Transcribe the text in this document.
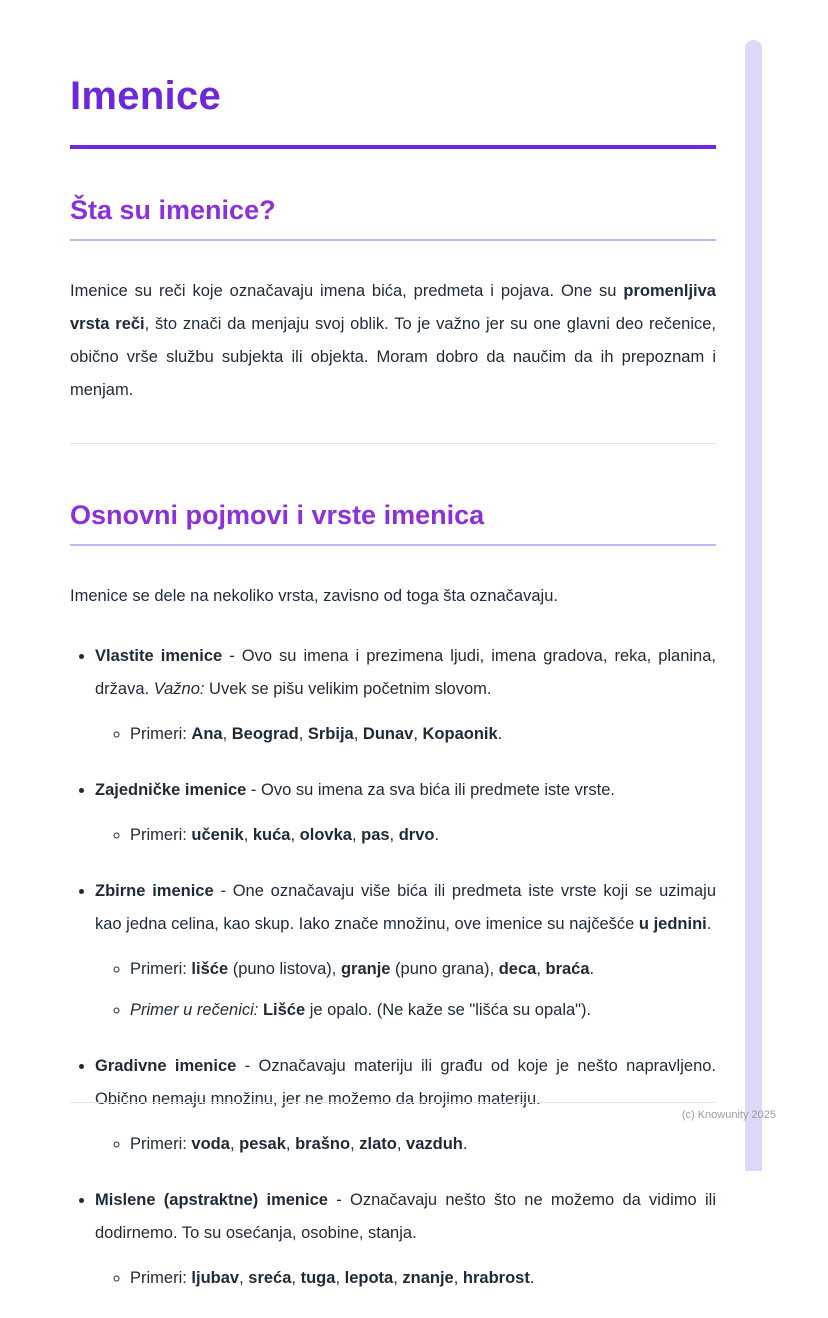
Imenice
Šta su imenice?

Imenice su reči koje označavaju imena bića, predmeta i pojava. One su promenljiva vrsta reči, što znači da menjaju svoj oblik. To je važno jer su one glavni deo rečenice, obično vrše službu subjekta ili objekta. Moram dobro da naučim da ih prepoznam i menjam.

Osnovni pojmovi i vrste imenica

Imenice se dele na nekoliko vrsta, zavisno od toga šta označavaju.

• Vlastite imenice - Ovo su imena i prezimena ljudi, imena gradova, reka, planina, država. Važno: Uvek se pišu velikim početnim slovom.
◦ Primeri: Ana, Beograd, Srbija, Dunav, Kopaonik.
• Zajedničke imenice - Ovo su imena za sva bića ili predmete iste vrste.
◦ Primeri: učenik, kuća, olovka, pas, drvo.
• Zbirne imenice - One označavaju više bića ili predmeta iste vrste koji se uzimaju kao jedna celina, kao skup. Iako znače množinu, ove imenice su najčešće u jednini.
◦ Primeri: lišće (puno listova), granje (puno grana), deca, braća.
◦ Primer u rečenici: Lišće je opalo. (Ne kaže se "lišća su opala").
• Gradivne imenice - Označavaju materiju ili građu od koje je nešto napravljeno. Obično nemaju množinu, jer ne možemo da brojimo materiju.
◦ Primeri: voda, pesak, brašno, zlato, vazduh.
• Mislene (apstraktne) imenice - Označavaju nešto što ne možemo da vidimo ili dodirnemo. To su osećanja, osobine, stanja.
◦ Primeri: ljubav, sreća, tuga, lepota, znanje, hrabrost.
(c) Knowunity 2025
